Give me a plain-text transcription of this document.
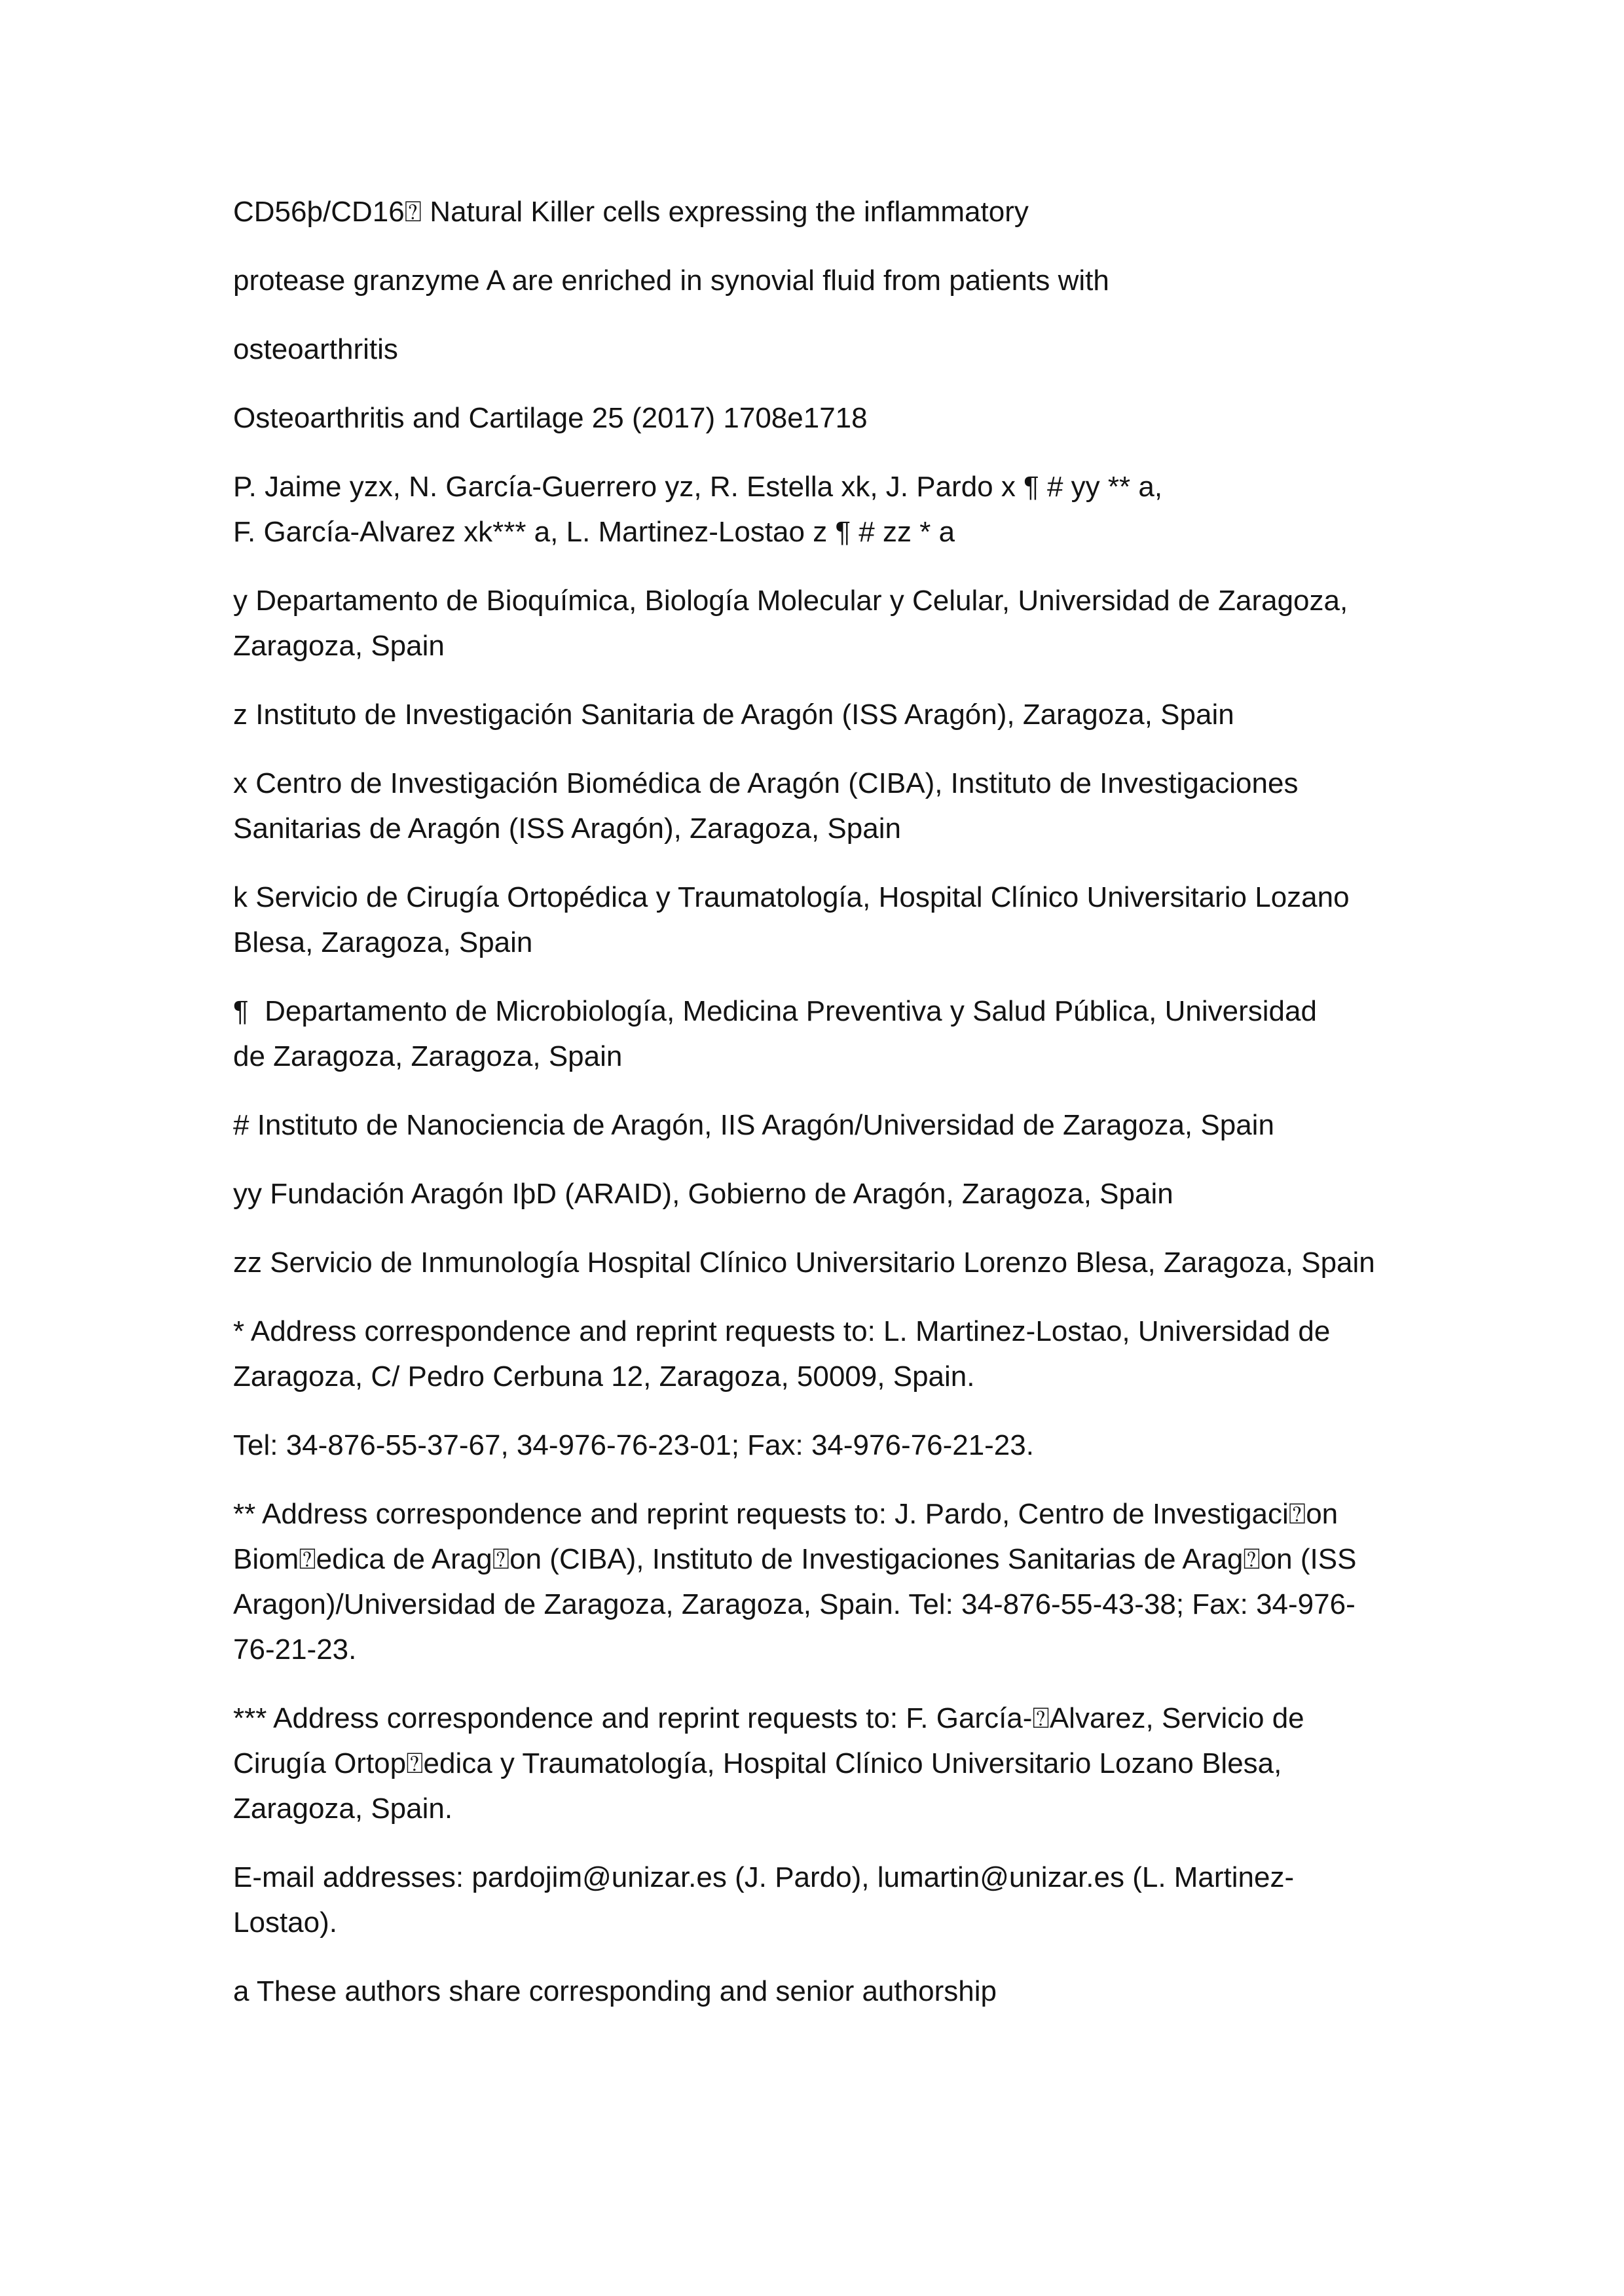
CD56þ/CD16⍰ Natural Killer cells expressing the inflammatory
protease granzyme A are enriched in synovial fluid from patients with
osteoarthritis
Osteoarthritis and Cartilage 25 (2017) 1708e1718
P. Jaime yzx, N. García-Guerrero yz, R. Estella xk, J. Pardo x ¶ # yy ** a,
F. García-Alvarez xk*** a, L. Martinez-Lostao z ¶ # zz * a
y Departamento de Bioquímica, Biología Molecular y Celular, Universidad de Zaragoza,
Zaragoza, Spain
z Instituto de Investigación Sanitaria de Aragón (ISS Aragón), Zaragoza, Spain
x Centro de Investigación Biomédica de Aragón (CIBA), Instituto de Investigaciones
Sanitarias de Aragón (ISS Aragón), Zaragoza, Spain
k Servicio de Cirugía Ortopédica y Traumatología, Hospital Clínico Universitario Lozano
Blesa, Zaragoza, Spain
¶  Departamento de Microbiología, Medicina Preventiva y Salud Pública, Universidad
de Zaragoza, Zaragoza, Spain
# Instituto de Nanociencia de Aragón, IIS Aragón/Universidad de Zaragoza, Spain
yy Fundación Aragón IþD (ARAID), Gobierno de Aragón, Zaragoza, Spain
zz Servicio de Inmunología Hospital Clínico Universitario Lorenzo Blesa, Zaragoza, Spain
* Address correspondence and reprint requests to: L. Martinez-Lostao, Universidad de
Zaragoza, C/ Pedro Cerbuna 12, Zaragoza, 50009, Spain.
Tel: 34-876-55-37-67, 34-976-76-23-01; Fax: 34-976-76-21-23.
** Address correspondence and reprint requests to: J. Pardo, Centro de Investigaci⍰on
Biom⍰edica de Arag⍰on (CIBA), Instituto de Investigaciones Sanitarias de Arag⍰on (ISS
Aragon)/Universidad de Zaragoza, Zaragoza, Spain. Tel: 34-876-55-43-38; Fax: 34-976-
76-21-23.
*** Address correspondence and reprint requests to: F. García-⍰Alvarez, Servicio de
Cirugía Ortop⍰edica y Traumatología, Hospital Clínico Universitario Lozano Blesa,
Zaragoza, Spain.
E-mail addresses: pardojim@unizar.es (J. Pardo), lumartin@unizar.es (L. Martinez-
Lostao).
a These authors share corresponding and senior authorship
